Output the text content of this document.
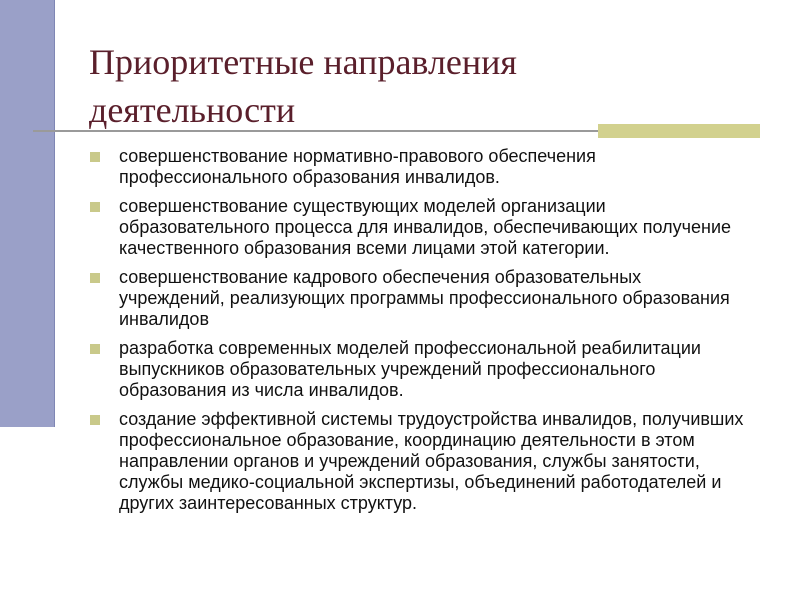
Приоритетные направления
деятельности
совершенствование нормативно-правового обеспечения профессионального образования инвалидов.
совершенствование существующих моделей организации образовательного процесса для инвалидов, обеспечивающих получение качественного образования всеми лицами этой категории.
совершенствование кадрового обеспечения образовательных учреждений, реализующих программы профессионального образования инвалидов
разработка современных моделей профессиональной реабилитации выпускников образовательных учреждений профессионального образования из числа инвалидов.
создание эффективной системы трудоустройства инвалидов, получивших профессиональное образование, координацию деятельности в этом направлении органов и учреждений образования, службы занятости, службы медико-социальной экспертизы, объединений работодателей и других заинтересованных структур.
